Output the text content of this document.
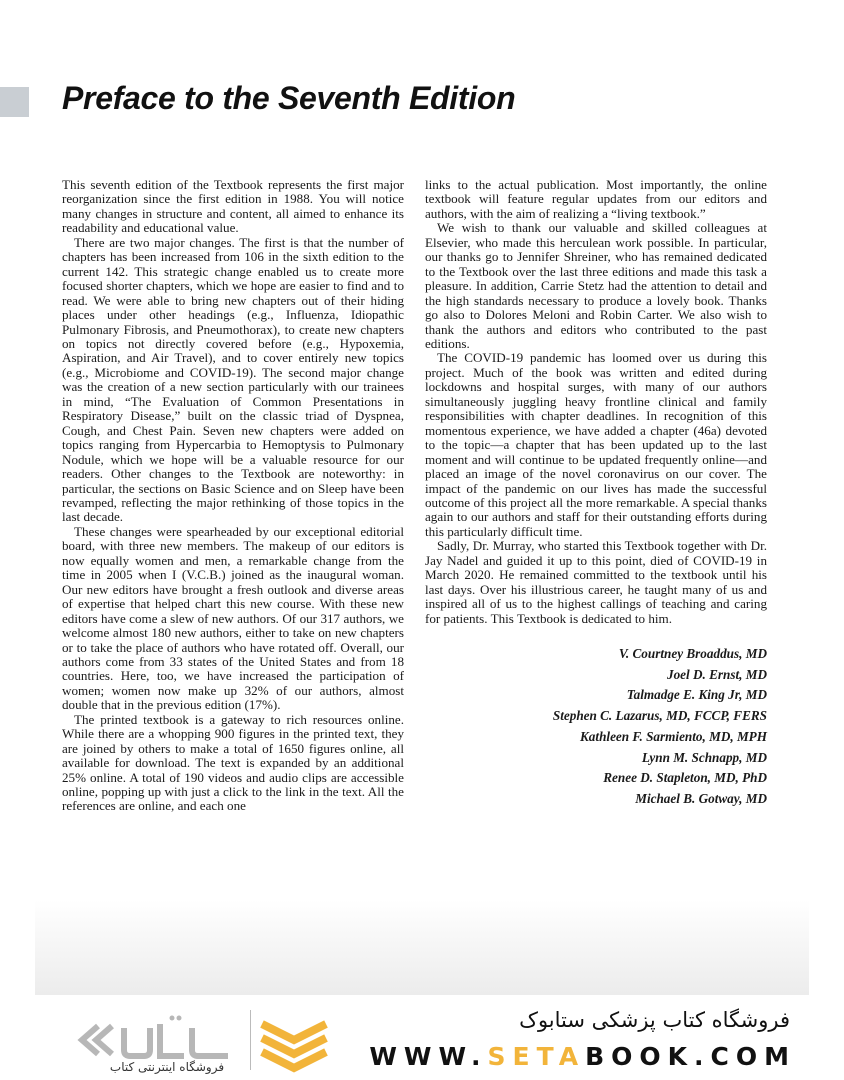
Preface to the Seventh Edition

This seventh edition of the Textbook represents the first major reorganization since the first edition in 1988. You will notice many changes in structure and content, all aimed to enhance its readability and educational value.

There are two major changes. The first is that the number of chapters has been increased from 106 in the sixth edition to the current 142. This strategic change enabled us to create more focused shorter chapters, which we hope are easier to find and to read. We were able to bring new chapters out of their hiding places under other headings (e.g., Influenza, Idiopathic Pulmonary Fibrosis, and Pneumothorax), to create new chapters on topics not directly covered before (e.g., Hypoxemia, Aspiration, and Air Travel), and to cover entirely new topics (e.g., Microbiome and COVID-19). The second major change was the creation of a new section particularly with our trainees in mind, “The Evaluation of Common Presentations in Respiratory Disease,” built on the classic triad of Dyspnea, Cough, and Chest Pain. Seven new chapters were added on topics ranging from Hypercarbia to Hemoptysis to Pulmonary Nodule, which we hope will be a valuable resource for our readers. Other changes to the Textbook are noteworthy: in particular, the sections on Basic Science and on Sleep have been revamped, reflecting the major rethinking of those topics in the last decade.

These changes were spearheaded by our exceptional editorial board, with three new members. The makeup of our editors is now equally women and men, a remarkable change from the time in 2005 when I (V.C.B.) joined as the inaugural woman. Our new editors have brought a fresh outlook and diverse areas of expertise that helped chart this new course. With these new editors have come a slew of new authors. Of our 317 authors, we welcome almost 180 new authors, either to take on new chapters or to take the place of authors who have rotated off. Overall, our authors come from 33 states of the United States and from 18 countries. Here, too, we have increased the participation of women; women now make up 32% of our authors, almost double that in the previous edition (17%).

The printed textbook is a gateway to rich resources online. While there are a whopping 900 figures in the printed text, they are joined by others to make a total of 1650 figures online, all available for download. The text is expanded by an additional 25% online. A total of 190 videos and audio clips are accessible online, popping up with just a click to the link in the text. All the references are online, and each one

links to the actual publication. Most importantly, the online textbook will feature regular updates from our editors and authors, with the aim of realizing a “living textbook.”

We wish to thank our valuable and skilled colleagues at Elsevier, who made this herculean work possible. In particular, our thanks go to Jennifer Shreiner, who has remained dedicated to the Textbook over the last three editions and made this task a pleasure. In addition, Carrie Stetz had the attention to detail and the high standards necessary to produce a lovely book. Thanks go also to Dolores Meloni and Robin Carter. We also wish to thank the authors and editors who contributed to the past editions.

The COVID-19 pandemic has loomed over us during this project. Much of the book was written and edited during lockdowns and hospital surges, with many of our authors simultaneously juggling heavy frontline clinical and family responsibilities with chapter deadlines. In recognition of this momentous experience, we have added a chapter (46a) devoted to the topic—a chapter that has been updated up to the last moment and will continue to be updated frequently online—and placed an image of the novel coronavirus on our cover. The impact of the pandemic on our lives has made the successful outcome of this project all the more remarkable. A special thanks again to our authors and staff for their outstanding efforts during this particularly difficult time.

Sadly, Dr. Murray, who started this Textbook together with Dr. Jay Nadel and guided it up to this point, died of COVID-19 in March 2020. He remained committed to the textbook until his last days. Over his illustrious career, he taught many of us and inspired all of us to the highest callings of teaching and caring for patients. This Textbook is dedicated to him.

V. Courtney Broaddus, MD
Joel D. Ernst, MD
Talmadge E. King Jr, MD
Stephen C. Lazarus, MD, FCCP, FERS
Kathleen F. Sarmiento, MD, MPH
Lynn M. Schnapp, MD
Renee D. Stapleton, MD, PhD
Michael B. Gotway, MD
فروشگاه اینترنتی کتاب
فروشگاه کتاب پزشکی ستابوک
WWW.SETABOOK.COM
